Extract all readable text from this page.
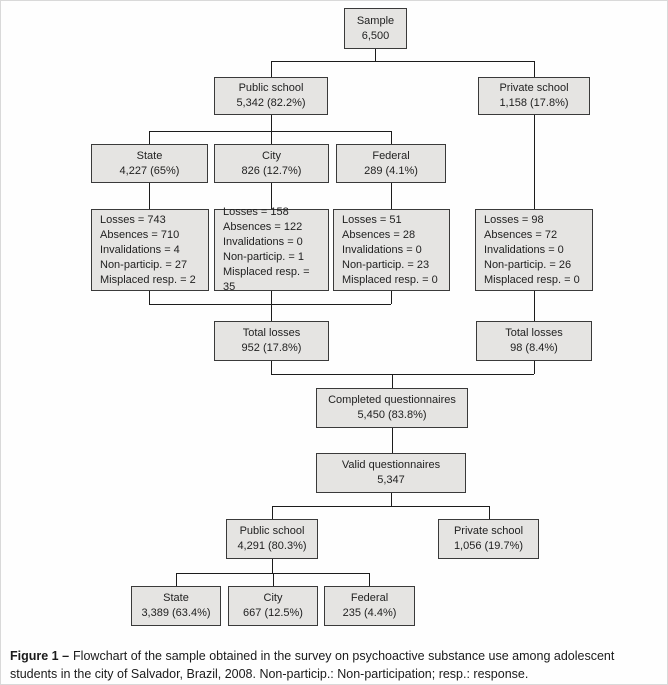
Sample
6,500
Public school
5,342 (82.2%)
Private school
1,158 (17.8%)
State
4,227 (65%)
City
826 (12.7%)
Federal
289 (4.1%)
Losses = 743
Absences = 710
Invalidations = 4
Non-particip. = 27
Misplaced resp. = 2
Losses = 158
Absences = 122
Invalidations = 0
Non-particip. = 1
Misplaced resp. = 35
Losses = 51
Absences = 28
Invalidations = 0
Non-particip. = 23
Misplaced resp. = 0
Losses = 98
Absences = 72
Invalidations = 0
Non-particip. = 26
Misplaced resp. = 0
Total losses
952 (17.8%)
Total losses
98 (8.4%)
Completed questionnaires
5,450 (83.8%)
Valid questionnaires
5,347
Public school
4,291 (80.3%)
Private school
1,056 (19.7%)
State
3,389 (63.4%)
City
667 (12.5%)
Federal
235 (4.4%)
Figure 1 – Flowchart of the sample obtained in the survey on psychoactive substance use among adolescent students in the city of Salvador, Brazil, 2008. Non-particip.: Non-participation; resp.: response.
